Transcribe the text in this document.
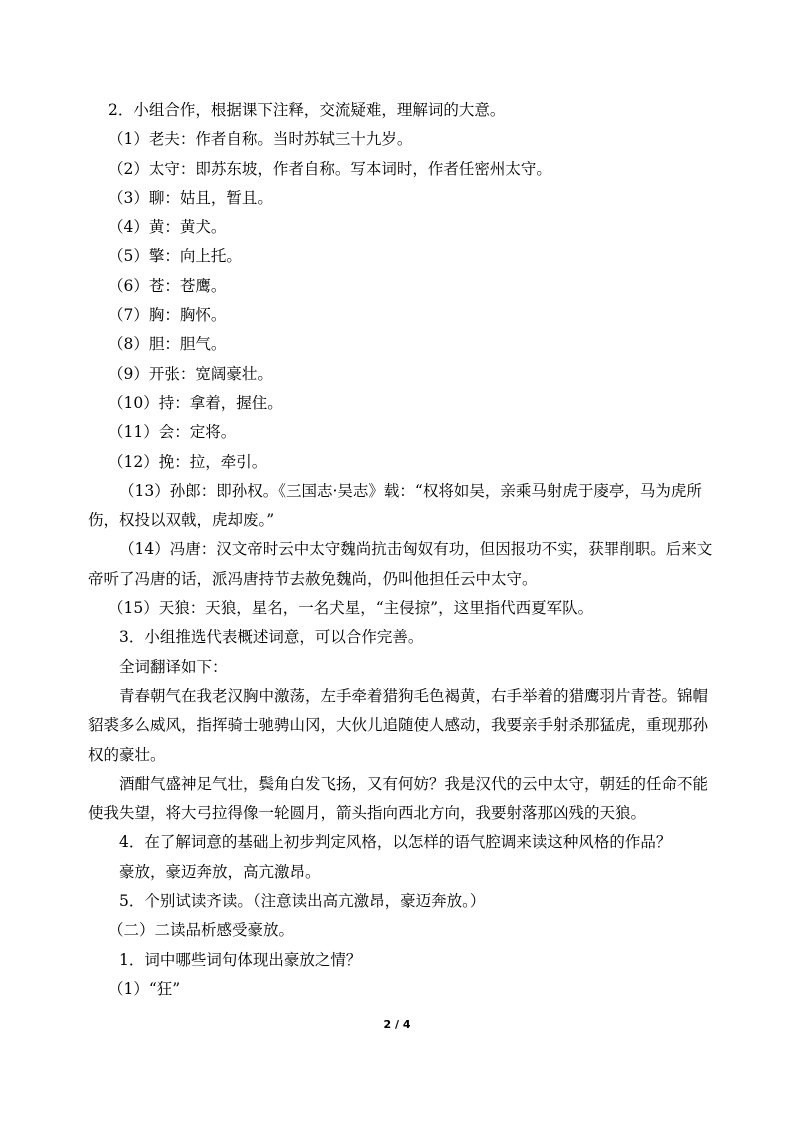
2．小组合作，根据课下注释，交流疑难，理解词的大意。
（1）老夫：作者自称。当时苏轼三十九岁。
（2）太守：即苏东坡，作者自称。写本词时，作者任密州太守。
（3）聊：姑且，暂且。
（4）黄：黄犬。
（5）擎：向上托。
（6）苍：苍鹰。
（7）胸：胸怀。
（8）胆：胆气。
（9）开张：宽阔豪壮。
（10）持：拿着，握住。
（11）会：定将。
（12）挽：拉，牵引。
（13）孙郎：即孙权。《三国志·吴志》载：“权将如吴，亲乘马射虎于庱亭，马为虎所伤，权投以双戟，虎却废。”
（14）冯唐：汉文帝时云中太守魏尚抗击匈奴有功，但因报功不实，获罪削职。后来文帝听了冯唐的话，派冯唐持节去赦免魏尚，仍叫他担任云中太守。
（15）天狼：天狼，星名，一名犬星，“主侵掠”，这里指代西夏军队。
3．小组推选代表概述词意，可以合作完善。
全词翻译如下：
青春朝气在我老汉胸中激荡，左手牵着猎狗毛色褐黄，右手举着的猎鹰羽片青苍。锦帽貂裘多么威风，指挥骑士驰骋山冈，大伙儿追随使人感动，我要亲手射杀那猛虎，重现那孙权的豪壮。
酒酣气盛神足气壮，鬓角白发飞扬，又有何妨？我是汉代的云中太守，朝廷的任命不能使我失望，将大弓拉得像一轮圆月，箭头指向西北方向，我要射落那凶残的天狼。
4．在了解词意的基础上初步判定风格，以怎样的语气腔调来读这种风格的作品？
豪放，豪迈奔放，高亢激昂。
5．个别试读齐读。（注意读出高亢激昂，豪迈奔放。）
（二）二读品析感受豪放。
1．词中哪些词句体现出豪放之情？
（1）“狂”
2 / 4
